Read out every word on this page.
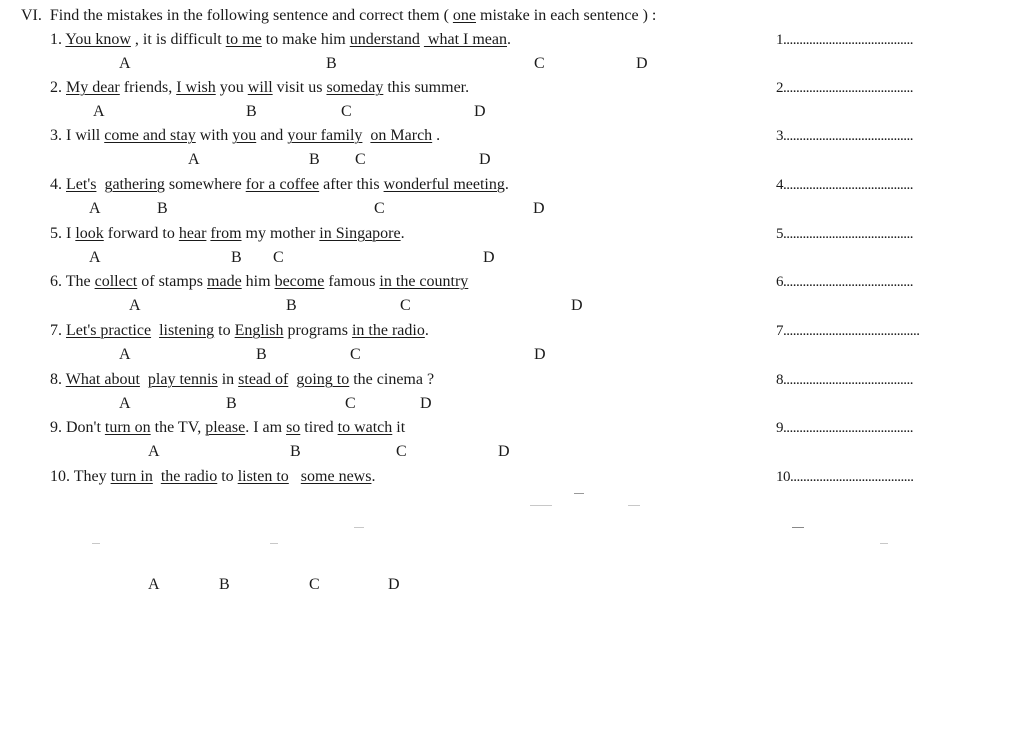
VI. Find the mistakes in the following sentence and correct them ( one mistake in each sentence ) :
1. You know , it is difficult to me to make him understand  what I mean.	1........................................
A	B	C	D
2. My dear friends, I wish you will visit us someday this summer.	2........................................
A	B	C	D
3. I will come and stay with you and your family on March .	3........................................
A	B C	D
4. Let's gathering somewhere for a coffee after this wonderful meeting.	4........................................
A	B	C	D
5. I look forward to hear from my mother in Singapore.	5........................................
A	B C	D
6. The collect of stamps made him become famous in the country	6........................................
A	B	C	D
7. Let's practice listening to English programs in the radio.	7..........................................
A	B	C	D
8. What about play tennis in stead of going to the cinema ?	8........................................
A	B	C	D
9. Don't turn on the TV, please. I am so tired to watch it	9........................................
A	B	C	D
10. They turn in the radio to listen to some news.	10......................................
A	B	C	D
